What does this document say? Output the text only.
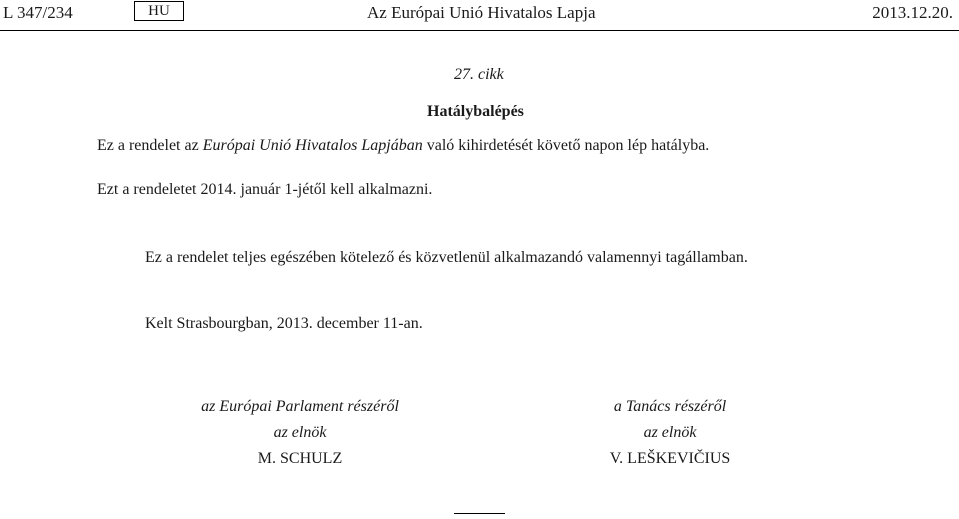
L 347/234	HU	Az Európai Unió Hivatalos Lapja	2013.12.20.
27. cikk
Hatálybalépés
Ez a rendelet az Európai Unió Hivatalos Lapjában való kihirdetését követő napon lép hatályba.
Ezt a rendeletet 2014. január 1-jétől kell alkalmazni.
Ez a rendelet teljes egészében kötelező és közvetlenül alkalmazandó valamennyi tagállamban.
Kelt Strasbourgban, 2013. december 11-an.
az Európai Parlament részéről
az elnök
M. SCHULZ
a Tanács részéről
az elnök
V. LEŠKEVIČIUS
